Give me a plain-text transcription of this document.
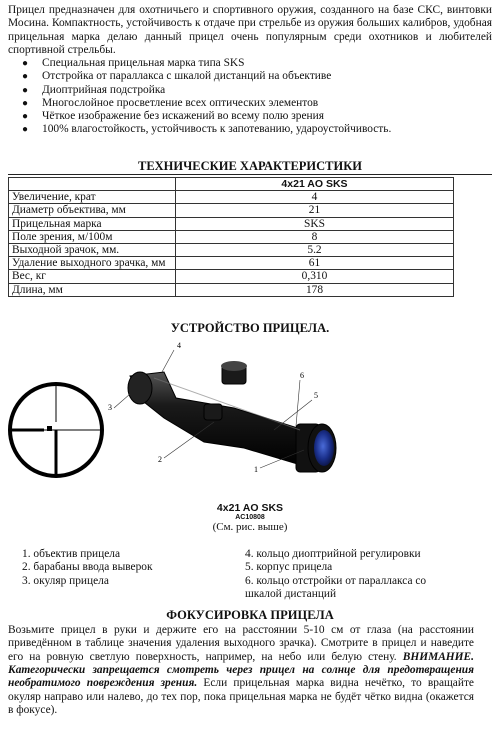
Прицел предназначен для охотничьего и спортивного оружия, созданного на базе СКС, винтовки Мосина. Компактность, устойчивость к отдаче при стрельбе из оружия больших калибров, удобная прицельная марка делаю данный прицел очень популярным среди охотников и любителей спортивной стрельбы.

● Специальная прицельная марка типа SKS
● Отстройка от параллакса с шкалой дистанций на объективе
● Диоптрийная подстройка
● Многослойное просветление всех оптических элементов
● Чёткое изображение без искажений во всему полю зрения
● 100% влагостойкость, устойчивость к запотеванию, удароустойчивость.
ТЕХНИЧЕСКИЕ ХАРАКТЕРИСТИКИ
	4x21 AO SKS
Увеличение, крат	4
Диаметр объектива, мм	21
Прицельная марка	SKS
Поле зрения, м/100м	8
Выходной зрачок, мм.	5.2
Удаление выходного зрачка, мм	61
Вес, кг	0,310
Длина, мм	178
УСТРОЙСТВО ПРИЦЕЛА.
4
6
5
3
2
1
4x21 AO SKS
AC10808
(См. рис. выше)
1. объектив прицела
2. барабаны ввода выверок
3. окуляр прицела
4. кольцо диоптрийной регулировки
5. корпус прицела
6. кольцо отстройки от параллакса со шкалой дистанций
ФОКУСИРОВКА ПРИЦЕЛА
Возьмите прицел в руки и держите его на расстоянии 5-10 см от глаза (на расстоянии приведённом в таблице значения удаления выходного зрачка). Смотрите в прицел и наведите его на ровную светлую поверхность, например, на небо или белую стену. ВНИМАНИЕ. Категорически запрещается смотреть через прицел на солнце для предотвращения необратимого повреждения зрения. Если прицельная марка видна нечётко, то вращайте окуляр направо или налево, до тех пор, пока прицельная марка не будёт чётко видна (окажется в фокусе).
